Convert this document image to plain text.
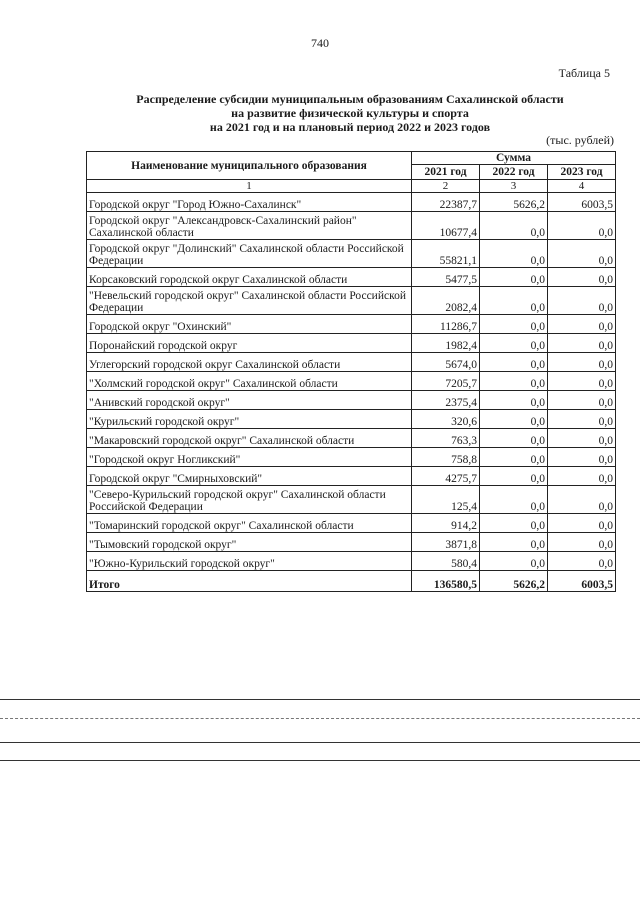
740
Таблица 5
Распределение субсидии муниципальным образованиям Сахалинской области
на развитие физической культуры и спорта
на 2021 год и на плановый период 2022 и 2023 годов
(тыс. рублей)
Наименование муниципального образования	Сумма		
	2021 год	2022 год	2023 год
1	2	3	4
Городской округ "Город Южно-Сахалинск"	22387,7	5626,2	6003,5
Городской округ "Александровск-Сахалинский район" Сахалинской области	10677,4	0,0	0,0
Городской округ "Долинский" Сахалинской области Российской Федерации	55821,1	0,0	0,0
Корсаковский городской округ Сахалинской области	5477,5	0,0	0,0
"Невельский городской округ" Сахалинской области Российской Федерации	2082,4	0,0	0,0
Городской округ "Охинский"	11286,7	0,0	0,0
Поронайский городской округ	1982,4	0,0	0,0
Углегорский городской округ Сахалинской области	5674,0	0,0	0,0
"Холмский городской округ" Сахалинской области	7205,7	0,0	0,0
"Анивский городской округ"	2375,4	0,0	0,0
"Курильский городской округ"	320,6	0,0	0,0
"Макаровский городской округ" Сахалинской области	763,3	0,0	0,0
"Городской округ Ногликский"	758,8	0,0	0,0
Городской округ "Смирныховский"	4275,7	0,0	0,0
"Северо-Курильский городской округ" Сахалинской области Российской Федерации	125,4	0,0	0,0
"Томаринский городской округ" Сахалинской области	914,2	0,0	0,0
"Тымовский городской округ"	3871,8	0,0	0,0
"Южно-Курильский городской округ"	580,4	0,0	0,0
Итого	136580,5	5626,2	6003,5
